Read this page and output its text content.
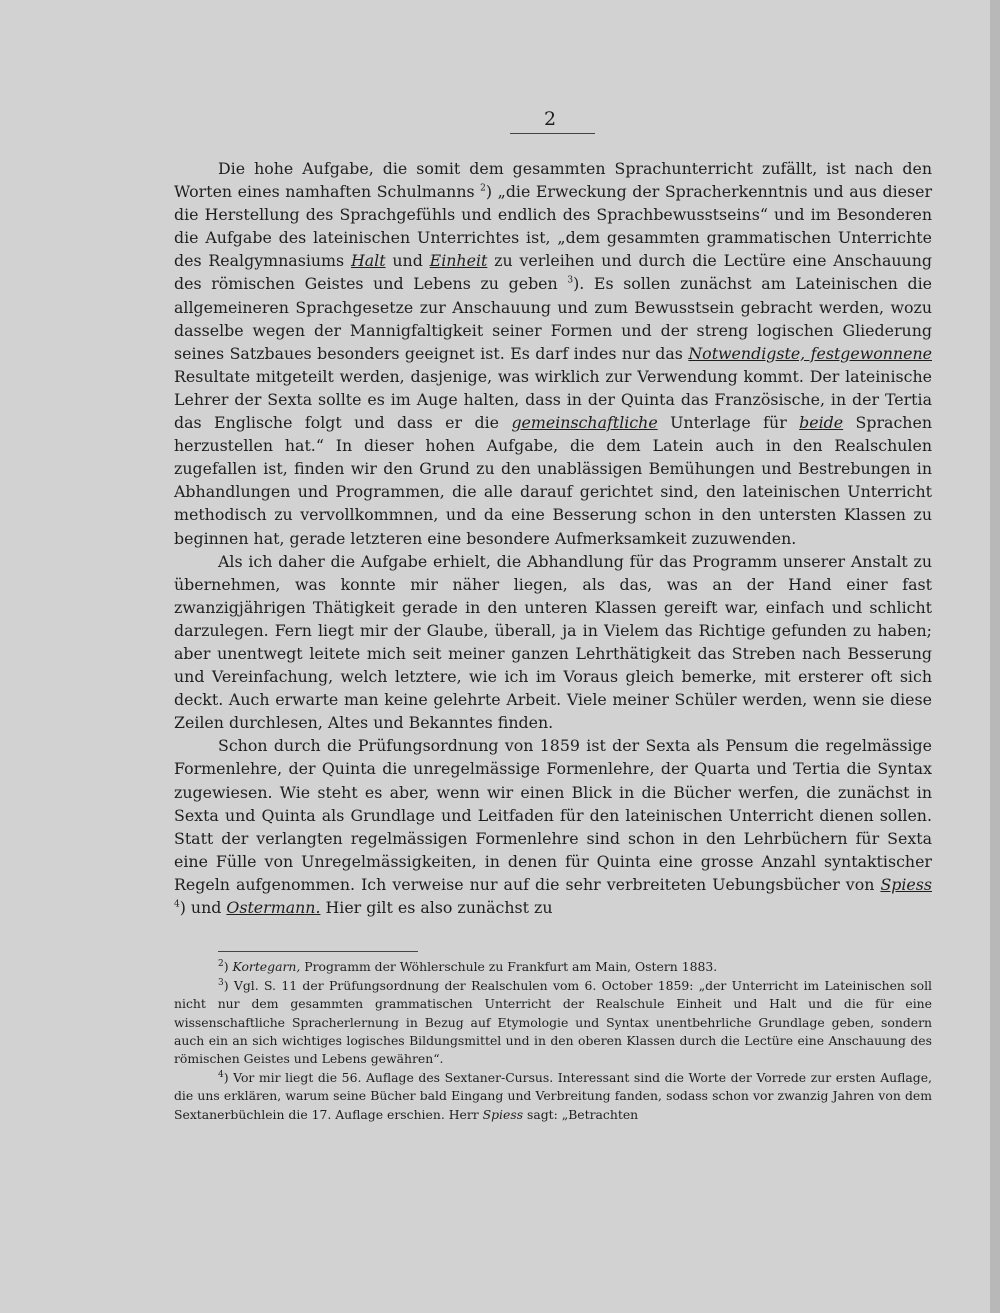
2

Die hohe Aufgabe, die somit dem gesammten Sprachunterricht zufällt, ist nach den Worten eines namhaften Schulmanns $^2$) „die Erweckung der Spracherkenntnis und aus dieser die Herstellung des Sprachgefühls und endlich des Sprachbewusstseins“ und im Besonderen die Aufgabe des lateinischen Unterrichtes ist, „dem gesammten grammatischen Unterrichte des Realgymnasiums Halt und Einheit zu verleihen und durch die Lectüre eine Anschauung des römischen Geistes und Lebens zu geben $^3$). Es sollen zunächst am Lateinischen die allgemeineren Sprachgesetze zur Anschauung und zum Bewusstsein gebracht werden, wozu dasselbe wegen der Mannigfaltigkeit seiner Formen und der streng logischen Gliederung seines Satzbaues besonders geeignet ist. Es darf indes nur das Notwendigste, festgewonnene Resultate mitgeteilt werden, dasjenige, was wirklich zur Verwendung kommt. Der lateinische Lehrer der Sexta sollte es im Auge halten, dass in der Quinta das Französische, in der Tertia das Englische folgt und dass er die gemeinschaftliche Unterlage für beide Sprachen herzustellen hat.“ In dieser hohen Aufgabe, die dem Latein auch in den Realschulen zugefallen ist, finden wir den Grund zu den unablässigen Bemühungen und Bestrebungen in Abhandlungen und Programmen, die alle darauf gerichtet sind, den lateinischen Unterricht methodisch zu vervollkommnen, und da eine Besserung schon in den untersten Klassen zu beginnen hat, gerade letzteren eine besondere Aufmerksamkeit zuzuwenden.

Als ich daher die Aufgabe erhielt, die Abhandlung für das Programm unserer Anstalt zu übernehmen, was konnte mir näher liegen, als das, was an der Hand einer fast zwanzigjährigen Thätigkeit gerade in den unteren Klassen gereift war, einfach und schlicht darzulegen. Fern liegt mir der Glaube, überall, ja in Vielem das Richtige gefunden zu haben; aber unentwegt leitete mich seit meiner ganzen Lehrthätigkeit das Streben nach Besserung und Vereinfachung, welch letztere, wie ich im Voraus gleich bemerke, mit ersterer oft sich deckt. Auch erwarte man keine gelehrte Arbeit. Viele meiner Schüler werden, wenn sie diese Zeilen durchlesen, Altes und Bekanntes finden.

Schon durch die Prüfungsordnung von 1859 ist der Sexta als Pensum die regelmässige Formenlehre, der Quinta die unregelmässige Formenlehre, der Quarta und Tertia die Syntax zugewiesen. Wie steht es aber, wenn wir einen Blick in die Bücher werfen, die zunächst in Sexta und Quinta als Grundlage und Leitfaden für den lateinischen Unterricht dienen sollen. Statt der verlangten regelmässigen Formenlehre sind schon in den Lehrbüchern für Sexta eine Fülle von Unregelmässigkeiten, in denen für Quinta eine grosse Anzahl syntaktischer Regeln aufgenommen. Ich verweise nur auf die sehr verbreiteten Uebungsbücher von Spiess $^4$) und Ostermann. Hier gilt es also zunächst zu

$^2$) Kortegarn, Programm der Wöhlerschule zu Frankfurt am Main, Ostern 1883.

$^3$) Vgl. S. 11 der Prüfungsordnung der Realschulen vom 6. October 1859: „der Unterricht im Lateinischen soll nicht nur dem gesammten grammatischen Unterricht der Realschule Einheit und Halt und die für eine wissenschaftliche Spracherlernung in Bezug auf Etymologie und Syntax unentbehrliche Grundlage geben, sondern auch ein an sich wichtiges logisches Bildungsmittel und in den oberen Klassen durch die Lectüre eine Anschauung des römischen Geistes und Lebens gewähren“.

$^4$) Vor mir liegt die 56. Auflage des Sextaner-Cursus. Interessant sind die Worte der Vorrede zur ersten Auflage, die uns erklären, warum seine Bücher bald Eingang und Verbreitung fanden, sodass schon vor zwanzig Jahren von dem Sextanerbüchlein die 17. Auflage erschien. Herr Spiess sagt: „Betrachten
